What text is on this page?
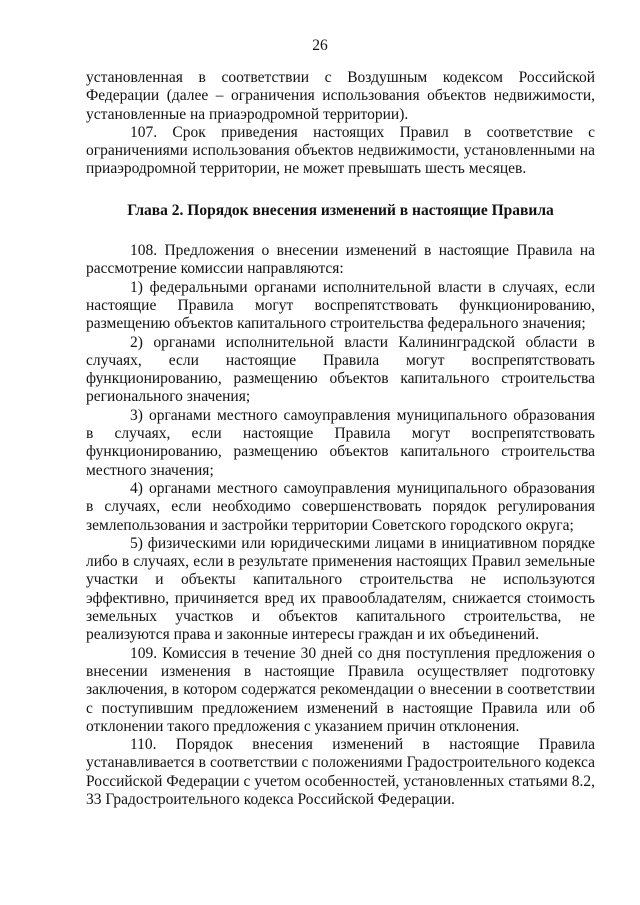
26

установленная в соответствии с Воздушным кодексом Российской Федерации (далее – ограничения использования объектов недвижимости, установленные на приаэродромной территории).

107. Срок приведения настоящих Правил в соответствие с ограничениями использования объектов недвижимости, установленными на приаэродромной территории, не может превышать шесть месяцев.

Глава 2. Порядок внесения изменений в настоящие Правила

108. Предложения о внесении изменений в настоящие Правила на рассмотрение комиссии направляются:

1) федеральными органами исполнительной власти в случаях, если настоящие Правила могут воспрепятствовать функционированию, размещению объектов капитального строительства федерального значения;

2) органами исполнительной власти Калининградской области в случаях, если настоящие Правила могут воспрепятствовать функционированию, размещению объектов капитального строительства регионального значения;

3) органами местного самоуправления муниципального образования в случаях, если настоящие Правила могут воспрепятствовать функционированию, размещению объектов капитального строительства местного значения;

4) органами местного самоуправления муниципального образования в случаях, если необходимо совершенствовать порядок регулирования землепользования и застройки территории Советского городского округа;

5) физическими или юридическими лицами в инициативном порядке либо в случаях, если в результате применения настоящих Правил земельные участки и объекты капитального строительства не используются эффективно, причиняется вред их правообладателям, снижается стоимость земельных участков и объектов капитального строительства, не реализуются права и законные интересы граждан и их объединений.

109. Комиссия в течение 30 дней со дня поступления предложения о внесении изменения в настоящие Правила осуществляет подготовку заключения, в котором содержатся рекомендации о внесении в соответствии с поступившим предложением изменений в настоящие Правила или об отклонении такого предложения с указанием причин отклонения.

110. Порядок внесения изменений в настоящие Правила устанавливается в соответствии с положениями Градостроительного кодекса Российской Федерации с учетом особенностей, установленных статьями 8.2, 33 Градостроительного кодекса Российской Федерации.
